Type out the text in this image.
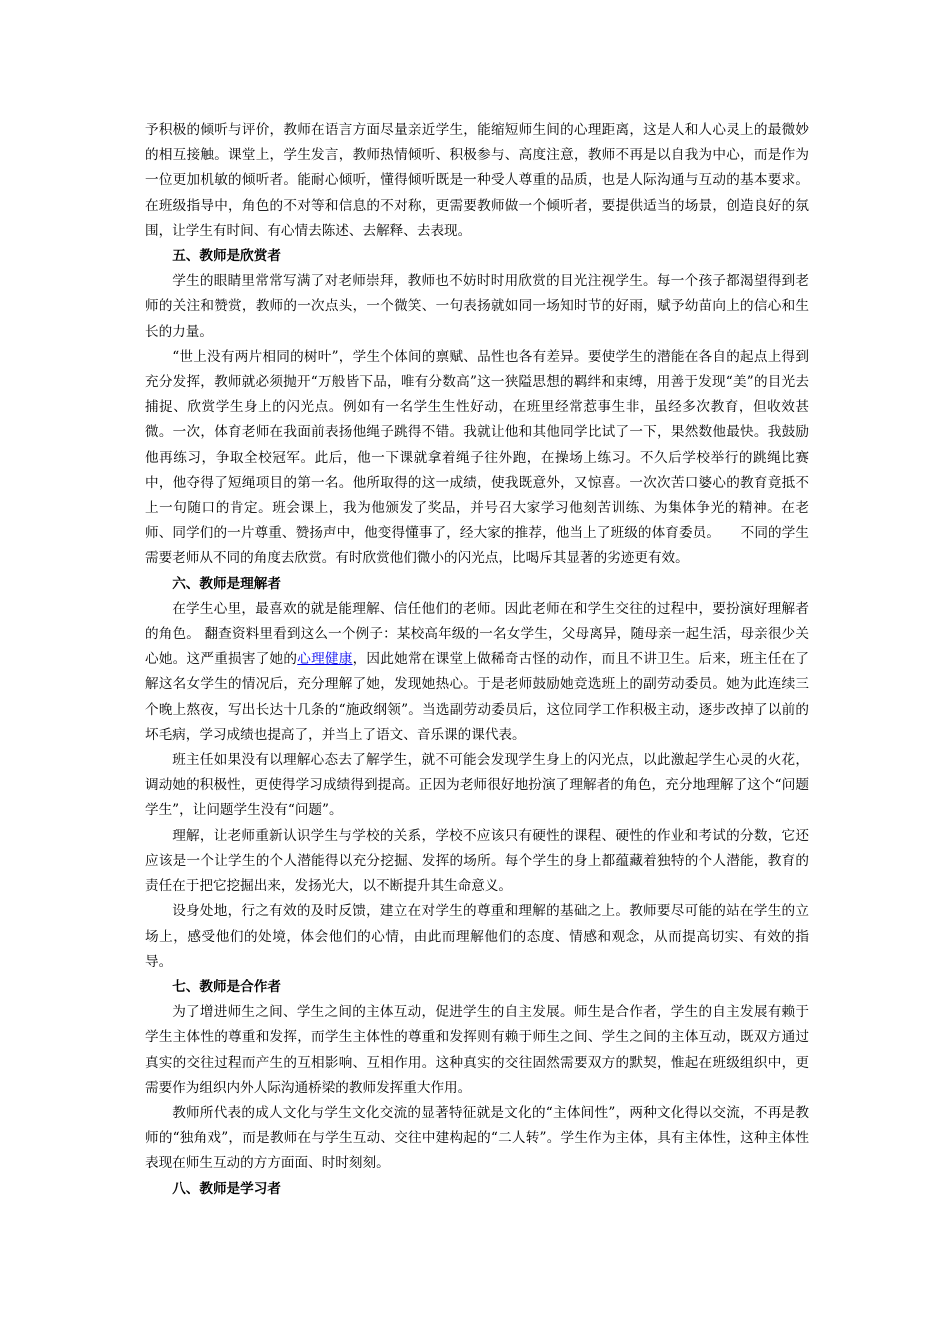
予积极的倾听与评价，教师在语言方面尽量亲近学生，能缩短师生间的心理距离，这是人和人心灵上的最微妙的相互接触。课堂上，学生发言，教师热情倾听、积极参与、高度注意，教师不再是以自我为中心，而是作为一位更加机敏的倾听者。能耐心倾听，懂得倾听既是一种受人尊重的品质，也是人际沟通与互动的基本要求。在班级指导中，角色的不对等和信息的不对称，更需要教师做一个倾听者，要提供适当的场景，创造良好的氛围，让学生有时间、有心情去陈述、去解释、去表现。

五、教师是欣赏者

学生的眼睛里常常写满了对老师崇拜，教师也不妨时时用欣赏的目光注视学生。每一个孩子都渴望得到老师的关注和赞赏，教师的一次点头，一个微笑、一句表扬就如同一场知时节的好雨，赋予幼苗向上的信心和生长的力量。

“世上没有两片相同的树叶”，学生个体间的禀赋、品性也各有差异。要使学生的潜能在各自的起点上得到充分发挥，教师就必须抛开“万般皆下品，唯有分数高”这一狭隘思想的羁绊和束缚，用善于发现“美”的目光去捕捉、欣赏学生身上的闪光点。例如有一名学生生性好动，在班里经常惹事生非，虽经多次教育，但收效甚微。一次，体育老师在我面前表扬他绳子跳得不错。我就让他和其他同学比试了一下，果然数他最快。我鼓励他再练习，争取全校冠军。此后，他一下课就拿着绳子往外跑，在操场上练习。不久后学校举行的跳绳比赛中，他夺得了短绳项目的第一名。他所取得的这一成绩，使我既意外，又惊喜。一次次苦口婆心的教育竟抵不上一句随口的肯定。班会课上，我为他颁发了奖品，并号召大家学习他刻苦训练、为集体争光的精神。在老 师、同学们的一片尊重、赞扬声中，他变得懂事了，经大家的推荐，他当上了班级的体育委员。　　不同的学生需要老师从不同的角度去欣赏。有时欣赏他们微小的闪光点，比喝斥其显著的劣迹更有效。

六、教师是理解者

在学生心里，最喜欢的就是能理解、信任他们的老师。因此老师在和学生交往的过程中，要扮演好理解者的角色。 翻查资料里看到这么一个例子：某校高年级的一名女学生，父母离异，随母亲一起生活，母亲很少关心她。这严重损害了她的心理健康，因此她常在课堂上做稀奇古怪的动作，而且不讲卫生。后来，班主任在了解这名女学生的情况后，充分理解了她，发现她热心。于是老师鼓励她竞选班上的副劳动委员。她为此连续三个晚上熬夜，写出长达十几条的“施政纲领”。当选副劳动委员后，这位同学工作积极主动，逐步改掉了以前的坏毛病，学习成绩也提高了，并当上了语文、音乐课的课代表。

班主任如果没有以理解心态去了解学生，就不可能会发现学生身上的闪光点，以此激起学生心灵的火花，调动她的积极性，更使得学习成绩得到提高。正因为老师很好地扮演了理解者的角色，充分地理解了这个“问题学生”，让问题学生没有“问题”。

理解，让老师重新认识学生与学校的关系，学校不应该只有硬性的课程、硬性的作业和考试的分数，它还应该是一个让学生的个人潜能得以充分挖掘、发挥的场所。每个学生的身上都蕴藏着独特的个人潜能，教育的责任在于把它挖掘出来，发扬光大，以不断提升其生命意义。

设身处地，行之有效的及时反馈，建立在对学生的尊重和理解的基础之上。教师要尽可能的站在学生的立场上，感受他们的处境，体会他们的心情，由此而理解他们的态度、情感和观念，从而提高切实、有效的指导。

七、教师是合作者

为了增进师生之间、学生之间的主体互动，促进学生的自主发展。师生是合作者，学生的自主发展有赖于学生主体性的尊重和发挥，而学生主体性的尊重和发挥则有赖于师生之间、学生之间的主体互动，既双方通过真实的交往过程而产生的互相影响、互相作用。这种真实的交往固然需要双方的默契，惟起在班级组织中，更需要作为组织内外人际沟通桥梁的教师发挥重大作用。

教师所代表的成人文化与学生文化交流的显著特征就是文化的“主体间性”，两种文化得以交流，不再是教师的“独角戏”，而是教师在与学生互动、交往中建构起的“二人转”。学生作为主体，具有主体性，这种主体性表现在师生互动的方方面面、时时刻刻。

八、教师是学习者
